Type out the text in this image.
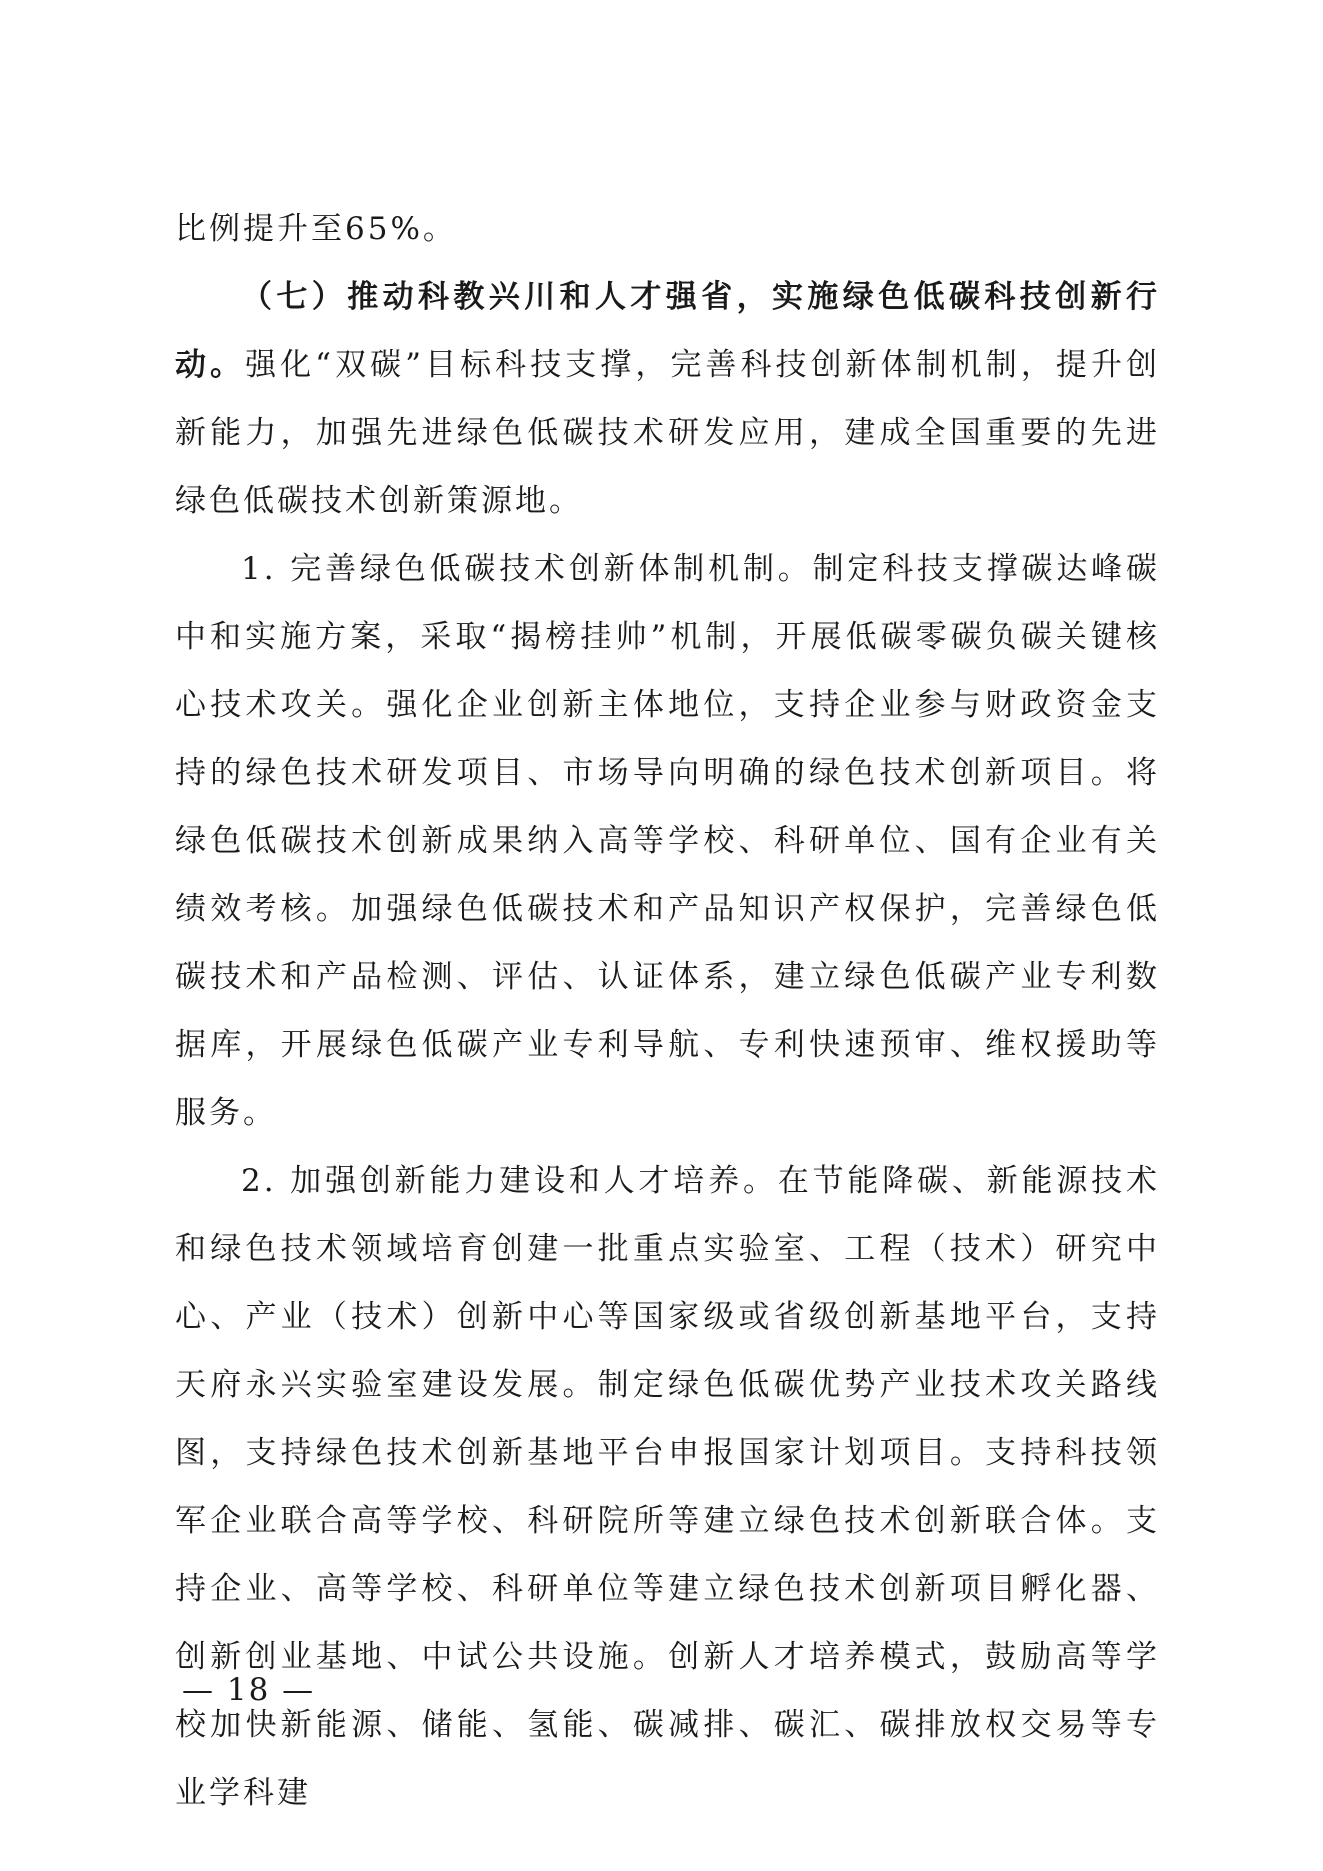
比例提升至65%。

（七）推动科教兴川和人才强省，实施绿色低碳科技创新行动。强化“双碳”目标科技支撑，完善科技创新体制机制，提升创新能力，加强先进绿色低碳技术研发应用，建成全国重要的先进绿色低碳技术创新策源地。

1. 完善绿色低碳技术创新体制机制。制定科技支撑碳达峰碳中和实施方案，采取“揭榜挂帅”机制，开展低碳零碳负碳关键核心技术攻关。强化企业创新主体地位，支持企业参与财政资金支持的绿色技术研发项目、市场导向明确的绿色技术创新项目。将绿色低碳技术创新成果纳入高等学校、科研单位、国有企业有关绩效考核。加强绿色低碳技术和产品知识产权保护，完善绿色低碳技术和产品检测、评估、认证体系，建立绿色低碳产业专利数据库，开展绿色低碳产业专利导航、专利快速预审、维权援助等服务。

2. 加强创新能力建设和人才培养。在节能降碳、新能源技术和绿色技术领域培育创建一批重点实验室、工程（技术）研究中心、产业（技术）创新中心等国家级或省级创新基地平台，支持天府永兴实验室建设发展。制定绿色低碳优势产业技术攻关路线图，支持绿色技术创新基地平台申报国家计划项目。支持科技领军企业联合高等学校、科研院所等建立绿色技术创新联合体。支持企业、高等学校、科研单位等建立绿色技术创新项目孵化器、创新创业基地、中试公共设施。创新人才培养模式，鼓励高等学校加快新能源、储能、氢能、碳减排、碳汇、碳排放权交易等专业学科建

— 18 —
